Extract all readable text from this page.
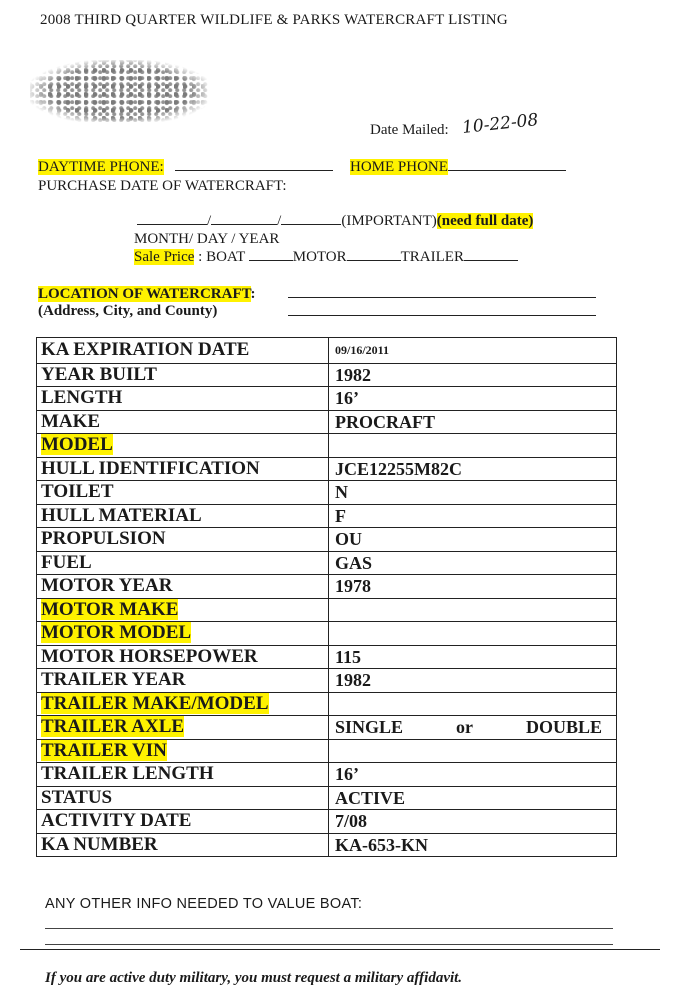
2008 THIRD QUARTER WILDLIFE & PARKS WATERCRAFT LISTING
Date Mailed: 10-22-08
DAYTIME PHONE:	HOME PHONE
PURCHASE DATE OF WATERCRAFT:
/	/	(IMPORTANT)(need full date)
MONTH/ DAY / YEAR
Sale Price : BOAT	MOTOR	TRAILER
LOCATION OF WATERCRAFT:
(Address, City, and County)
KA EXPIRATION DATE	09/16/2011
YEAR BUILT	1982
LENGTH	16’
MAKE	PROCRAFT
MODEL	
HULL IDENTIFICATION	JCE12255M82C
TOILET	N
HULL MATERIAL	F
PROPULSION	OU
FUEL	GAS
MOTOR YEAR	1978
MOTOR MAKE	
MOTOR MODEL	
MOTOR HORSEPOWER	115
TRAILER YEAR	1982
TRAILER MAKE/MODEL	
TRAILER AXLE	SINGLE or DOUBLE

TRAILER VIN	
TRAILER LENGTH	16’
STATUS	ACTIVE
ACTIVITY DATE	7/08
KA NUMBER	KA-653-KN
ANY OTHER INFO NEEDED TO VALUE BOAT:
If you are active duty military, you must request a military affidavit.
